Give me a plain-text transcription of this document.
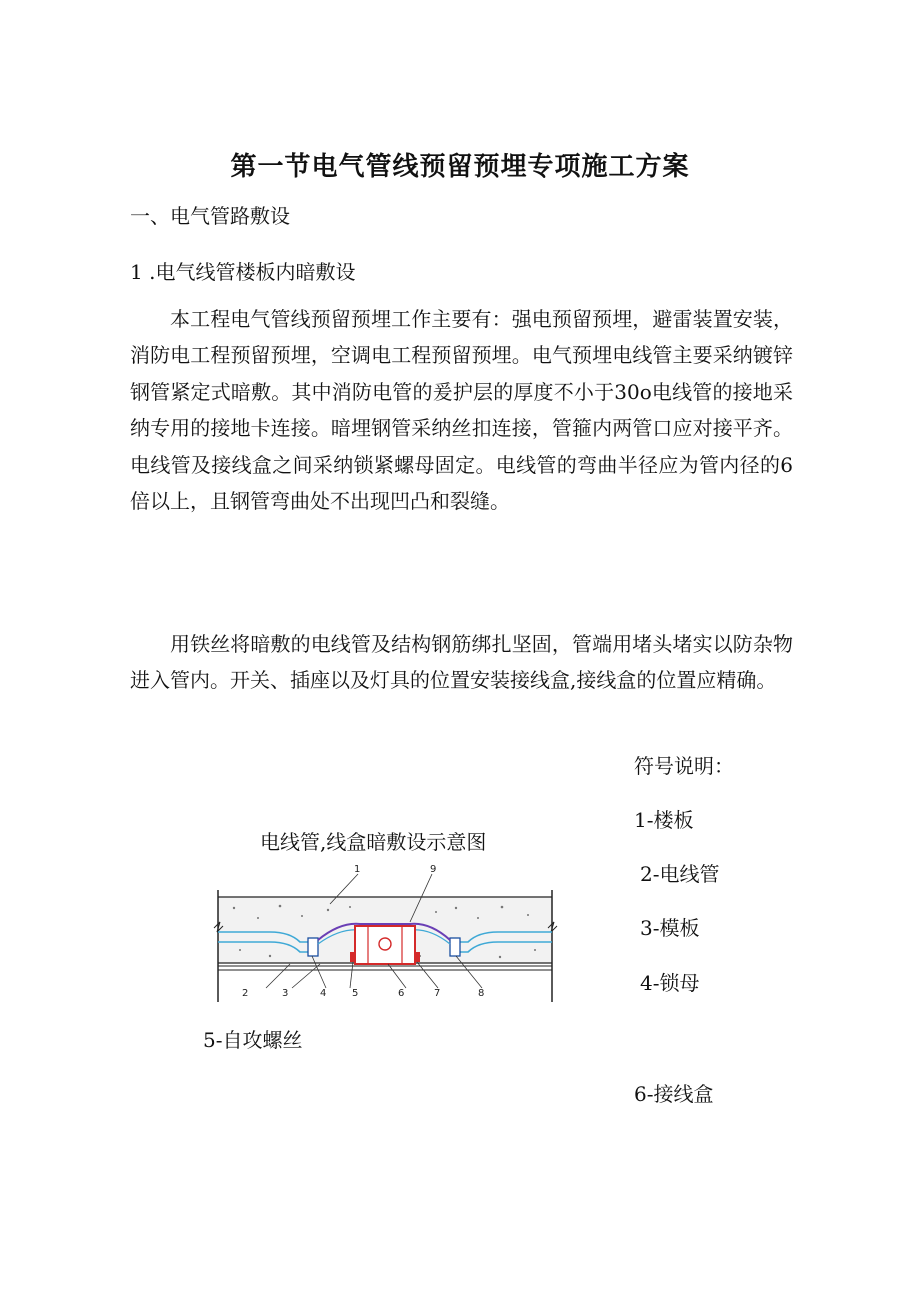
第一节电气管线预留预埋专项施工方案
一、电气管路敷设
1 .电气线管楼板内暗敷设
本工程电气管线预留预埋工作主要有：强电预留预埋，避雷装置安装，消防电工程预留预埋，空调电工程预留预埋。电气预埋电线管主要采纳镀锌钢管紧定式暗敷。其中消防电管的爰护层的厚度不小于30o电线管的接地采纳专用的接地卡连接。暗埋钢管采纳丝扣连接，管箍内两管口应对接平齐。电线管及接线盒之间采纳锁紧螺母固定。电线管的弯曲半径应为管内径的6倍以上，且钢管弯曲处不出现凹凸和裂缝。
用铁丝将暗敷的电线管及结构钢筋绑扎坚固，管端用堵头堵实以防杂物进入管内。开关、插座以及灯具的位置安装接线盒,接线盒的位置应精确。
符号说明：
1-楼板
2-电线管
3-模板
4-锁母
5-自攻螺丝
6-接线盒
电线管,线盒暗敷设示意图
1	9
2	3	4	5	6	7	8
